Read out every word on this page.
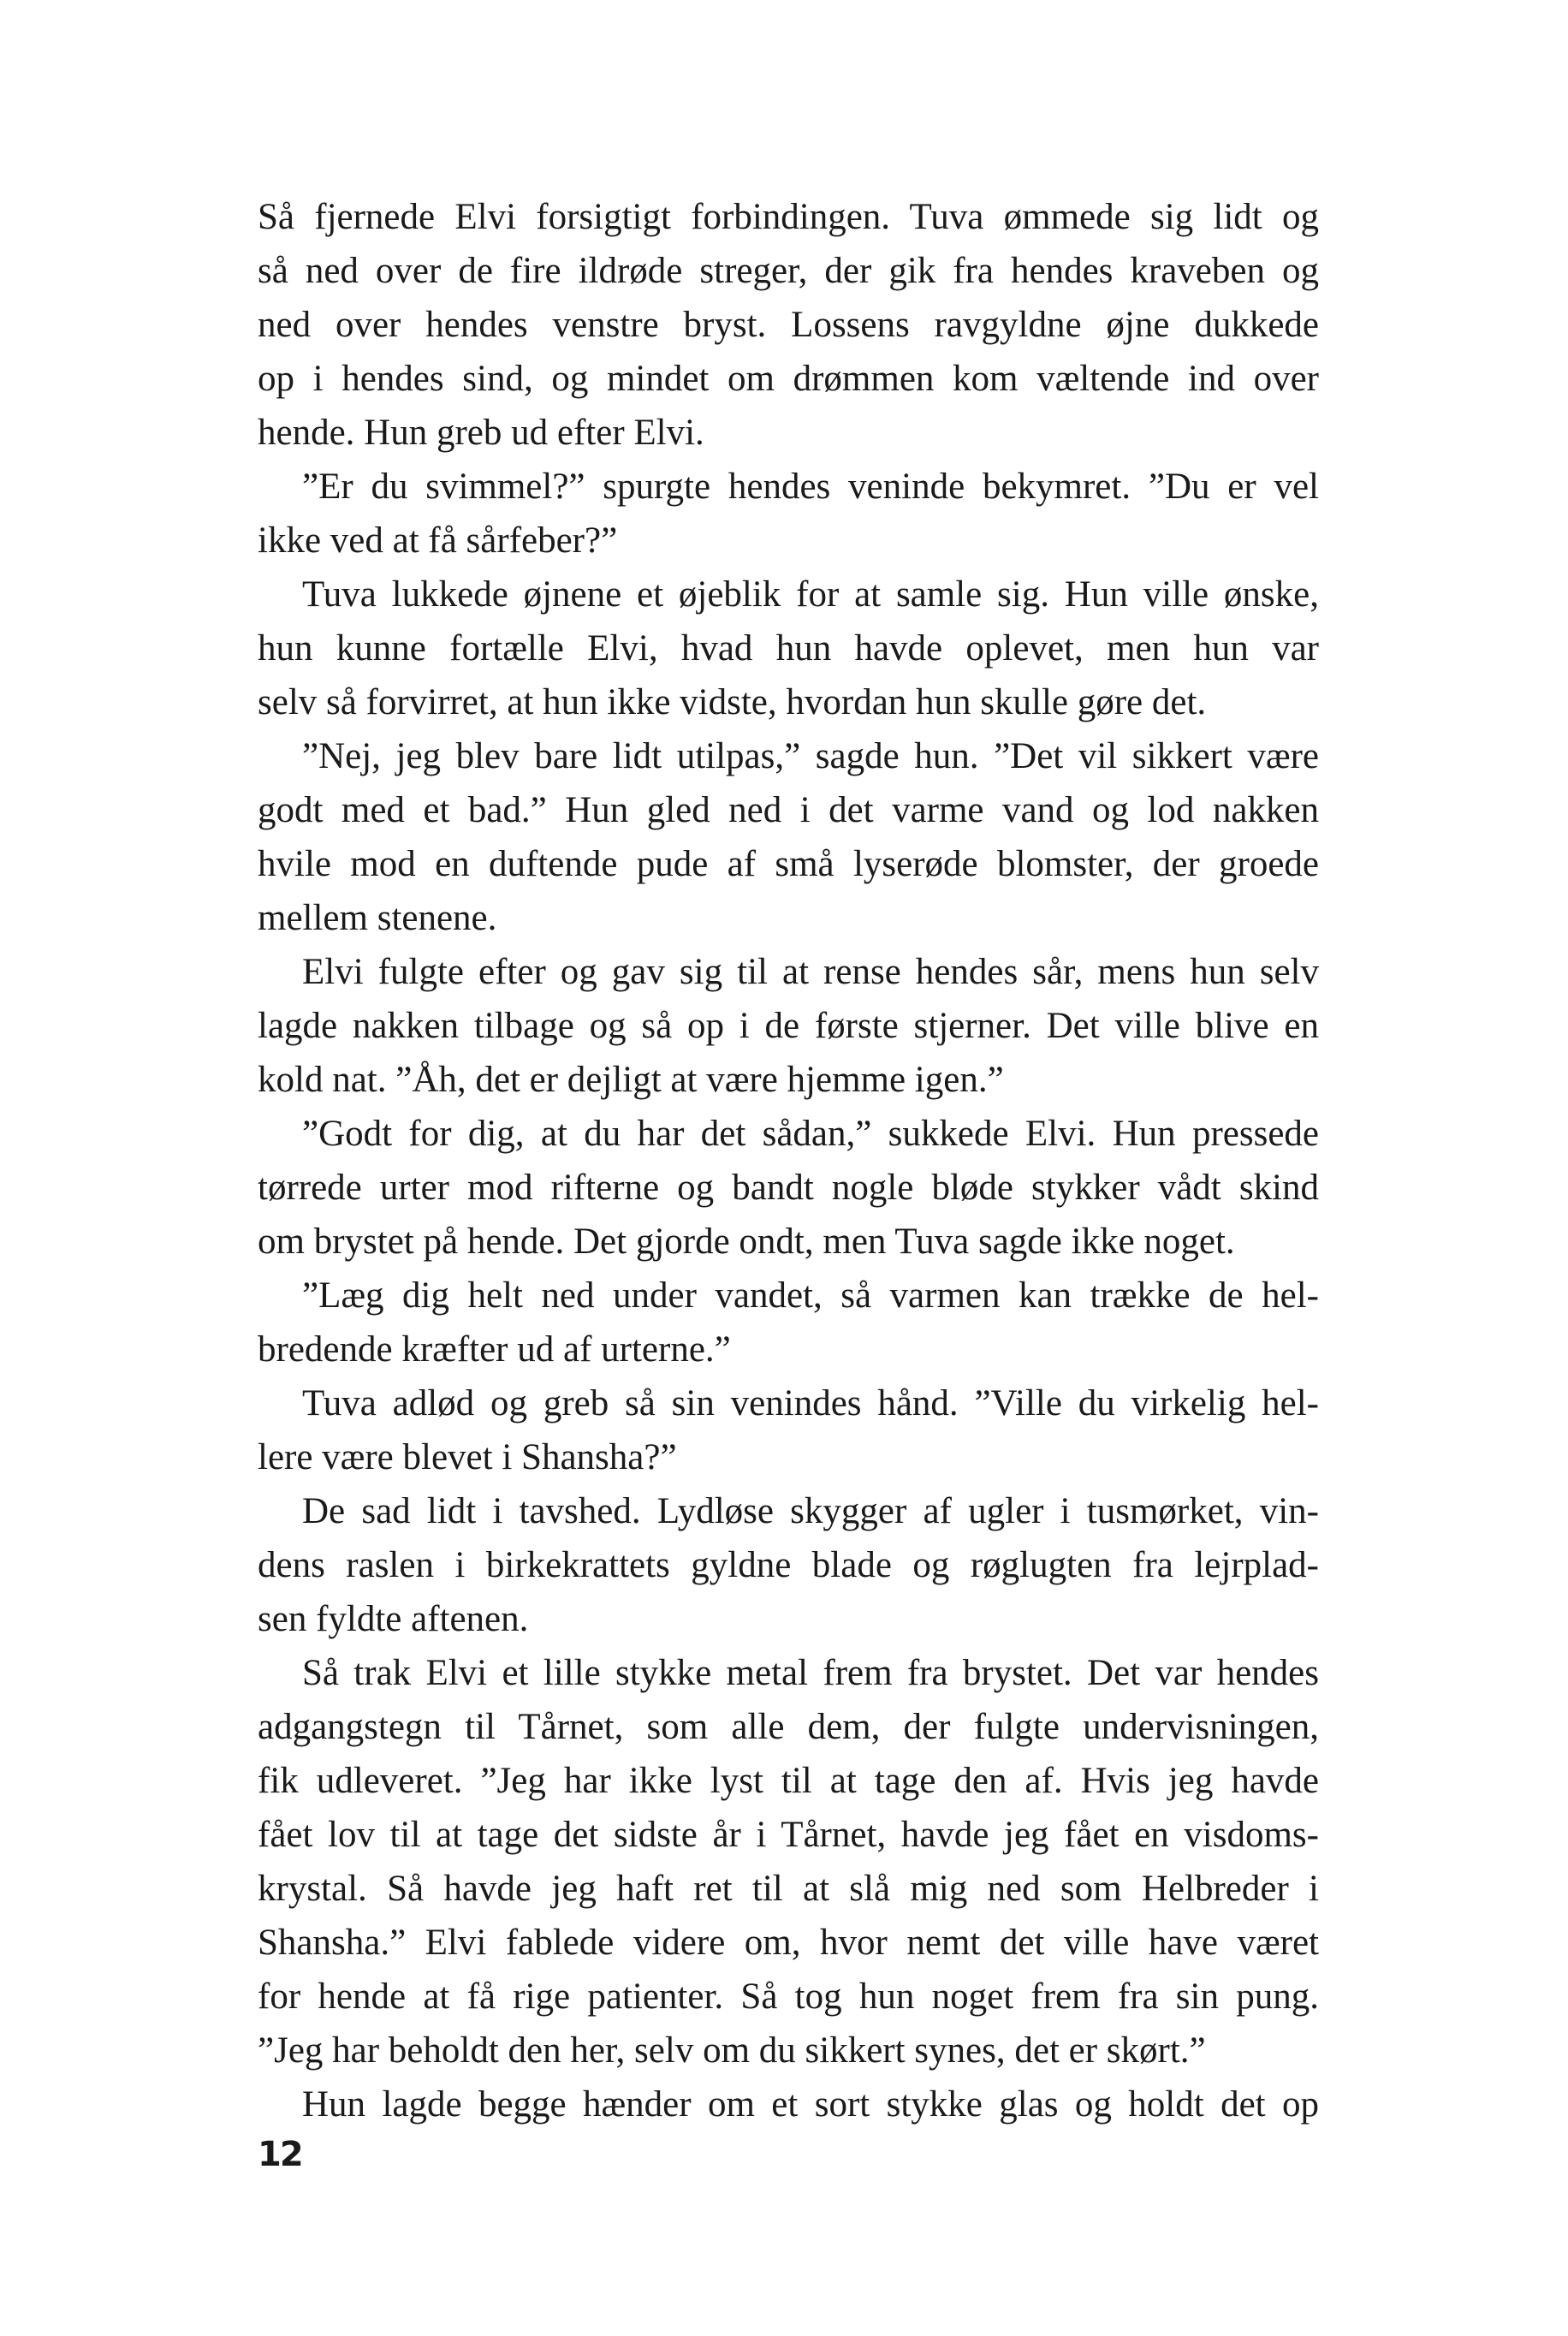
Så fjernede Elvi forsigtigt forbindingen. Tuva ømmede sig lidt og
så ned over de fire ildrøde streger, der gik fra hendes kraveben og
ned over hendes venstre bryst. Lossens ravgyldne øjne dukkede
op i hendes sind, og mindet om drømmen kom væltende ind over
hende. Hun greb ud efter Elvi.
”Er du svimmel?” spurgte hendes veninde bekymret. ”Du er vel
ikke ved at få sårfeber?”
Tuva lukkede øjnene et øjeblik for at samle sig. Hun ville ønske,
hun kunne fortælle Elvi, hvad hun havde oplevet, men hun var
selv så forvirret, at hun ikke vidste, hvordan hun skulle gøre det.
”Nej, jeg blev bare lidt utilpas,” sagde hun. ”Det vil sikkert være
godt med et bad.” Hun gled ned i det varme vand og lod nakken
hvile mod en duftende pude af små lyserøde blomster, der groede
mellem stenene.
Elvi fulgte efter og gav sig til at rense hendes sår, mens hun selv
lagde nakken tilbage og så op i de første stjerner. Det ville blive en
kold nat. ”Åh, det er dejligt at være hjemme igen.”
”Godt for dig, at du har det sådan,” sukkede Elvi. Hun pressede
tørrede urter mod rifterne og bandt nogle bløde stykker vådt skind
om brystet på hende. Det gjorde ondt, men Tuva sagde ikke noget.
”Læg dig helt ned under vandet, så varmen kan trække de hel-
bredende kræfter ud af urterne.”
Tuva adlød og greb så sin venindes hånd. ”Ville du virkelig hel-
lere være blevet i Shansha?”
De sad lidt i tavshed. Lydløse skygger af ugler i tusmørket, vin-
dens raslen i birkekrattets gyldne blade og røglugten fra lejrplad-
sen fyldte aftenen.
Så trak Elvi et lille stykke metal frem fra brystet. Det var hendes
adgangstegn til Tårnet, som alle dem, der fulgte undervisningen,
fik udleveret. ”Jeg har ikke lyst til at tage den af. Hvis jeg havde
fået lov til at tage det sidste år i Tårnet, havde jeg fået en visdoms-
krystal. Så havde jeg haft ret til at slå mig ned som Helbreder i
Shansha.” Elvi fablede videre om, hvor nemt det ville have været
for hende at få rige patienter. Så tog hun noget frem fra sin pung.
”Jeg har beholdt den her, selv om du sikkert synes, det er skørt.”
Hun lagde begge hænder om et sort stykke glas og holdt det op
12
